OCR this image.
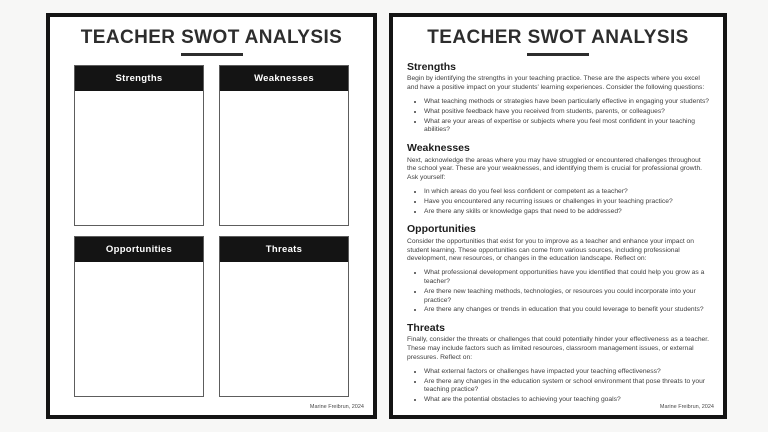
TEACHER SWOT ANALYSIS
Strengths	Weaknesses
Opportunities	Threats
Marine Freibrun, 2024
TEACHER SWOT ANALYSIS
Strengths

Begin by identifying the strengths in your teaching practice. These are the aspects where you excel and have a positive impact on your students' learning experiences. Consider the following questions:

• What teaching methods or strategies have been particularly effective in engaging your students?
• What positive feedback have you received from students, parents, or colleagues?
• What are your areas of expertise or subjects where you feel most confident in your teaching abilities?
Weaknesses

Next, acknowledge the areas where you may have struggled or encountered challenges throughout the school year. These are your weaknesses, and identifying them is crucial for professional growth. Ask yourself:

• In which areas do you feel less confident or competent as a teacher?
• Have you encountered any recurring issues or challenges in your teaching practice?
• Are there any skills or knowledge gaps that need to be addressed?
Opportunities

Consider the opportunities that exist for you to improve as a teacher and enhance your impact on student learning. These opportunities can come from various sources, including professional development, new resources, or changes in the education landscape. Reflect on:

• What professional development opportunities have you identified that could help you grow as a teacher?
• Are there new teaching methods, technologies, or resources you could incorporate into your practice?
• Are there any changes or trends in education that you could leverage to benefit your students?
Threats

Finally, consider the threats or challenges that could potentially hinder your effectiveness as a teacher. These may include factors such as limited resources, classroom management issues, or external pressures. Reflect on:

• What external factors or challenges have impacted your teaching effectiveness?
• Are there any changes in the education system or school environment that pose threats to your teaching practice?
• What are the potential obstacles to achieving your teaching goals?
Marine Freibrun, 2024
